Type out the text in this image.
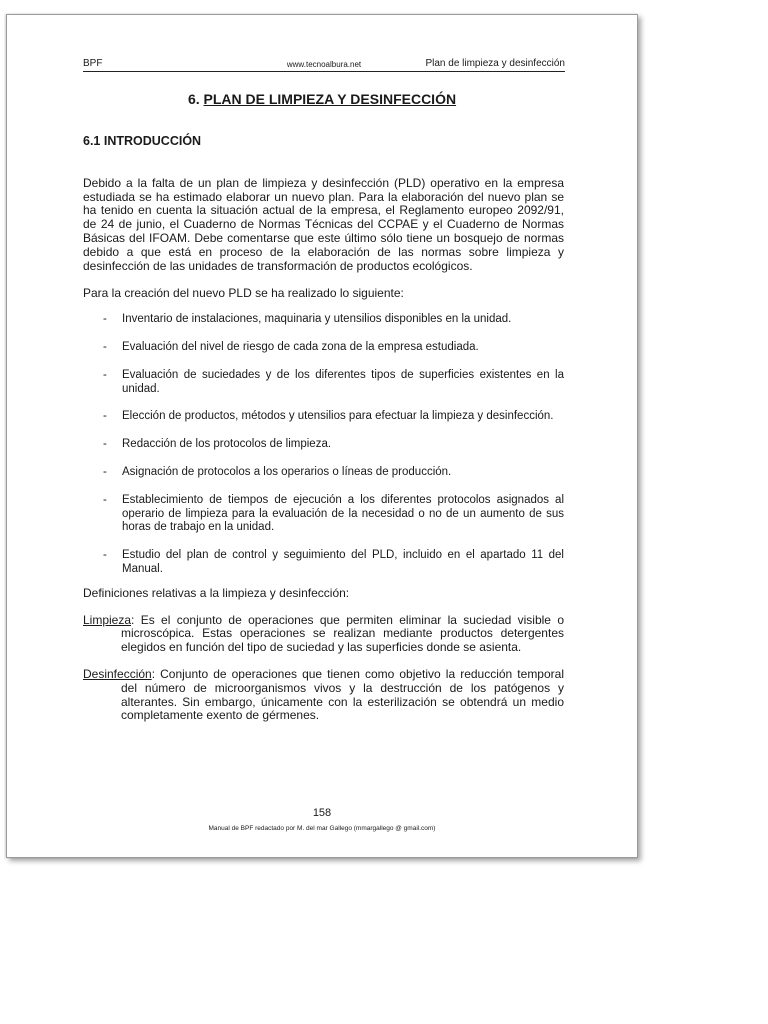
BPF	www.tecnoalbura.net	Plan de limpieza y desinfección
6. PLAN DE LIMPIEZA Y DESINFECCIÓN
6.1 INTRODUCCIÓN

Debido a la falta de un plan de limpieza y desinfección (PLD) operativo en la empresa estudiada se ha estimado elaborar un nuevo plan. Para la elaboración del nuevo plan se ha tenido en cuenta la situación actual de la empresa, el Reglamento europeo 2092/91, de 24 de junio, el Cuaderno de Normas Técnicas del CCPAE y el Cuaderno de Normas Básicas del IFOAM. Debe comentarse que este último sólo tiene un bosquejo de normas debido a que está en proceso de la elaboración de las normas sobre limpieza y desinfección de las unidades de transformación de productos ecológicos.

Para la creación del nuevo PLD se ha realizado lo siguiente:

- Inventario de instalaciones, maquinaria y utensilios disponibles en la unidad.
- Evaluación del nivel de riesgo de cada zona de la empresa estudiada.
- Evaluación de suciedades y de los diferentes tipos de superficies existentes en la unidad.
- Elección de productos, métodos y utensilios para efectuar la limpieza y desinfección.
- Redacción de los protocolos de limpieza.
- Asignación de protocolos a los operarios o líneas de producción.
- Establecimiento de tiempos de ejecución a los diferentes protocolos asignados al operario de limpieza para la evaluación de la necesidad o no de un aumento de sus horas de trabajo en la unidad.
- Estudio del plan de control y seguimiento del PLD, incluido en el apartado 11 del Manual.

Definiciones relativas a la limpieza y desinfección:

Limpieza: Es el conjunto de operaciones que permiten eliminar la suciedad visible o microscópica. Estas operaciones se realizan mediante productos detergentes elegidos en función del tipo de suciedad y las superficies donde se asienta.

Desinfección: Conjunto de operaciones que tienen como objetivo la reducción temporal del número de microorganismos vivos y la destrucción de los patógenos y alterantes. Sin embargo, únicamente con la esterilización se obtendrá un medio completamente exento de gérmenes.

158
Manual de BPF redactado por M. del mar Gallego (mmargallego @ gmail.com)
